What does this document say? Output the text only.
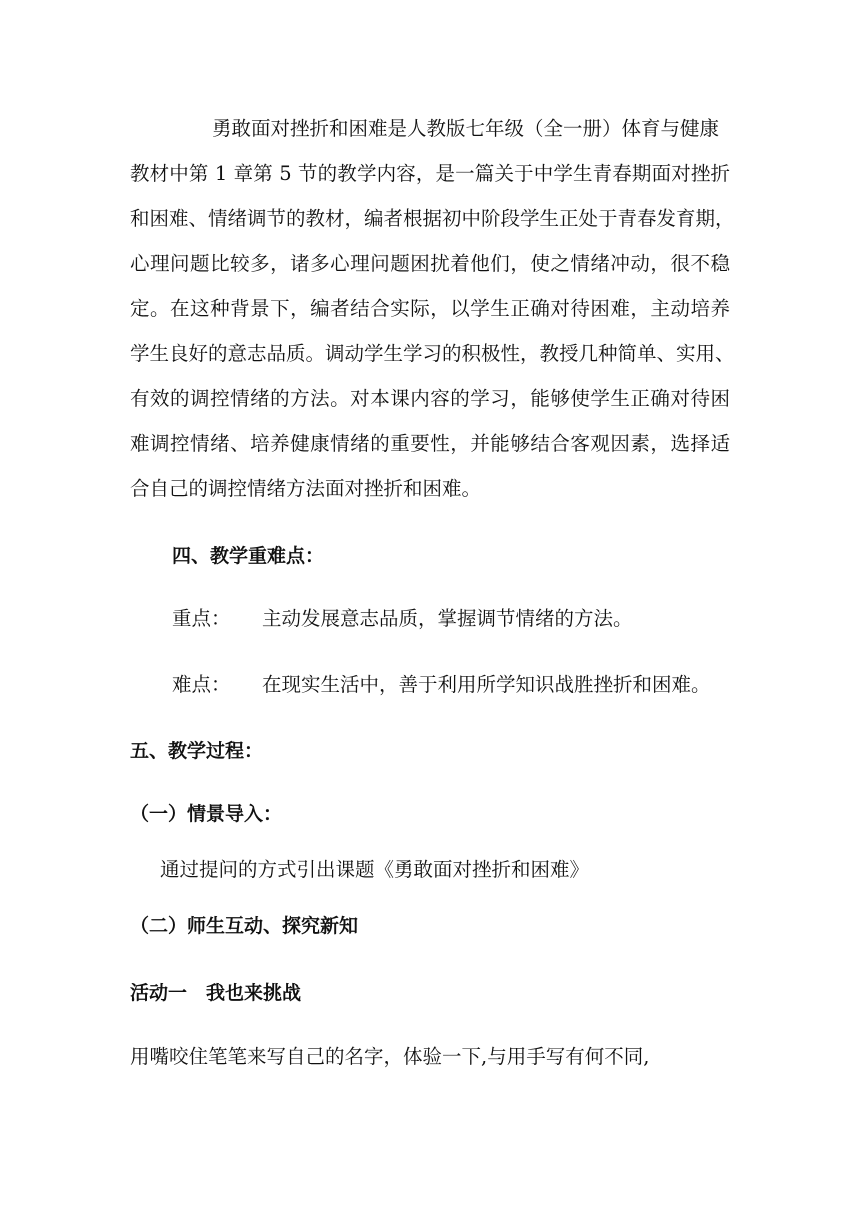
勇敢面对挫折和困难是人教版七年级（全一册）体育与健康
教材中第 1 章第 5 节的教学内容，是一篇关于中学生青春期面对挫折
和困难、情绪调节的教材，编者根据初中阶段学生正处于青春发育期，
心理问题比较多，诸多心理问题困扰着他们，使之情绪冲动，很不稳
定。在这种背景下，编者结合实际，以学生正确对待困难，主动培养
学生良好的意志品质。调动学生学习的积极性，教授几种简单、实用、
有效的调控情绪的方法。对本课内容的学习，能够使学生正确对待困
难调控情绪、培养健康情绪的重要性，并能够结合客观因素，选择适
合自己的调控情绪方法面对挫折和困难。
四、教学重难点：
重点： 主动发展意志品质，掌握调节情绪的方法。
难点： 在现实生活中，善于利用所学知识战胜挫折和困难。
五、教学过程：
（一）情景导入：
通过提问的方式引出课题《勇敢面对挫折和困难》
（二）师生互动、探究新知
活动一　我也来挑战
用嘴咬住笔笔来写自己的名字，体验一下,与用手写有何不同,
